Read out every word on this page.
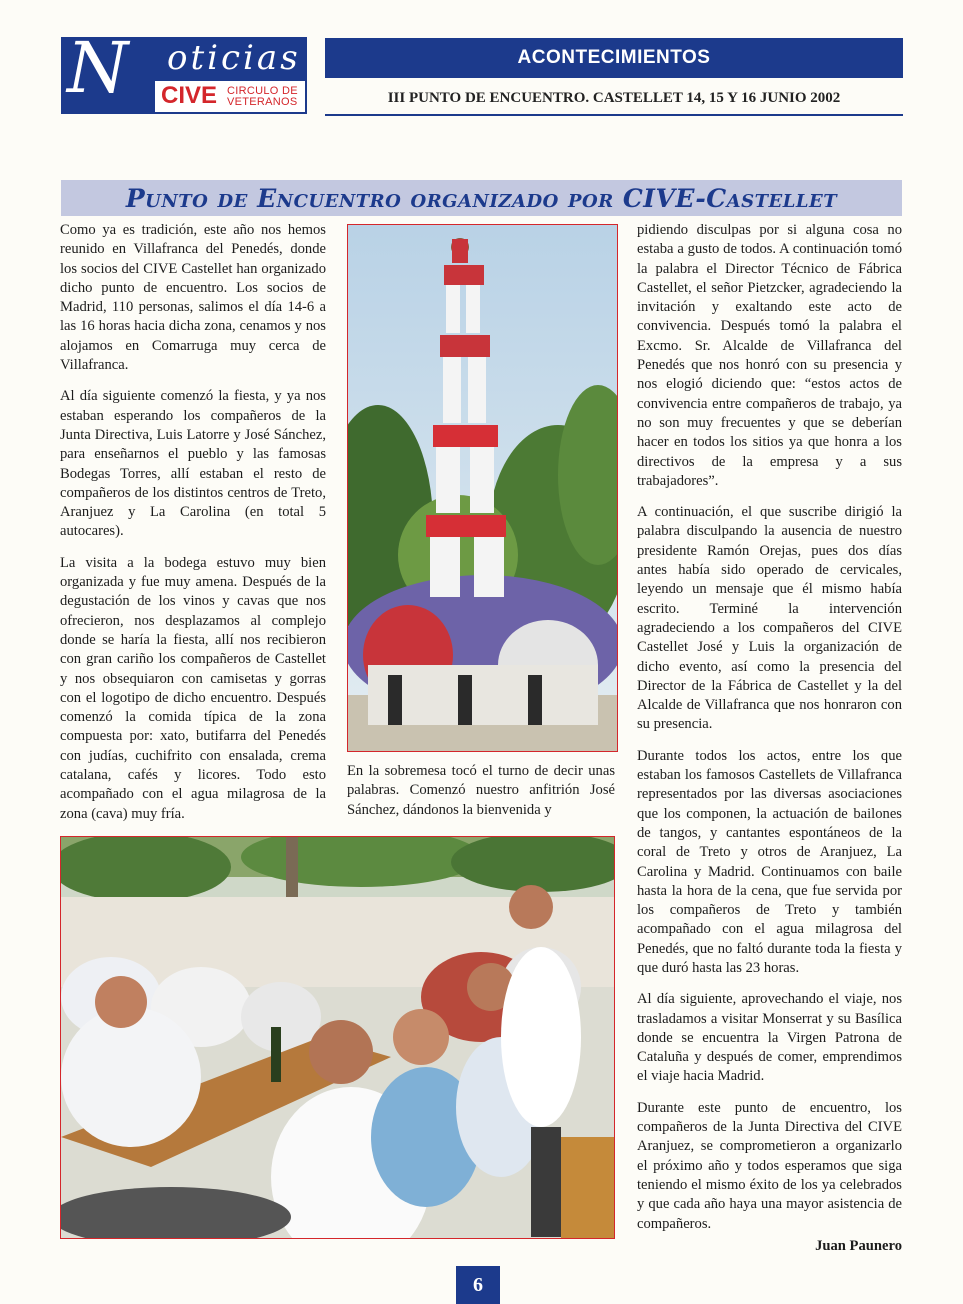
N oticias
CIVE CIRCULO DE
VETERANOS
ACONTECIMIENTOS
III PUNTO DE ENCUENTRO. CASTELLET 14, 15 Y 16 JUNIO 2002
Punto de Encuentro organizado por CIVE-Castellet

Como ya es tradición, este año nos hemos reunido en Villafranca del Penedés, donde los socios del CIVE Castellet han organizado dicho punto de encuentro. Los socios de Madrid, 110 personas, salimos el día 14-6 a las 16 horas hacia dicha zona, cenamos y nos alojamos en Comarruga muy cerca de Villafranca.

Al día siguiente comenzó la fiesta, y ya nos estaban esperando los compañeros de la Junta Directiva, Luis Latorre y José Sánchez, para enseñarnos el pueblo y las famosas Bodegas Torres, allí estaban el resto de compañeros de los distintos centros de Treto, Aranjuez y La Carolina (en total 5 autocares).

La visita a la bodega estuvo muy bien organizada y fue muy amena. Después de la degustación de los vinos y cavas que nos ofrecieron, nos desplazamos al complejo donde se haría la fiesta, allí nos recibieron con gran cariño los compañeros de Castellet y nos obsequiaron con camisetas y gorras con el logotipo de dicho encuentro. Después comenzó la comida típica de la zona compuesta por: xato, butifarra del Penedés con judías, cuchifrito con ensalada, crema catalana, cafés y licores. Todo esto acompañado con el agua milagrosa de la zona (cava) muy fría.

En la sobremesa tocó el turno de decir unas palabras. Comenzó nuestro anfitrión José Sánchez, dándonos la bienvenida y

pidiendo disculpas por si alguna cosa no estaba a gusto de todos. A continuación tomó la palabra el Director Técnico de Fábrica Castellet, el señor Pietzcker, agradeciendo la invitación y exaltando este acto de convivencia. Después tomó la palabra el Excmo. Sr. Alcalde de Villafranca del Penedés que nos honró con su presencia y nos elogió diciendo que: “estos actos de convivencia entre compañeros de trabajo, ya no son muy frecuentes y que se deberían hacer en todos los sitios ya que honra a los directivos de la empresa y a sus trabajadores”.

A continuación, el que suscribe dirigió la palabra disculpando la ausencia de nuestro presidente Ramón Orejas, pues dos días antes había sido operado de cervicales, leyendo un mensaje que él mismo había escrito. Terminé la intervención agradeciendo a los compañeros del CIVE Castellet José y Luis la organización de dicho evento, así como la presencia del Director de la Fábrica de Castellet y la del Alcalde de Villafranca que nos honraron con su presencia.

Durante todos los actos, entre los que estaban los famosos Castellets de Villafranca representados por las diversas asociaciones que los componen, la actuación de bailones de tangos, y cantantes espontáneos de la coral de Treto y otros de Aranjuez, La Carolina y Madrid. Continuamos con baile hasta la hora de la cena, que fue servida por los compañeros de Treto y también acompañado con el agua milagrosa del Penedés, que no faltó durante toda la fiesta y que duró hasta las 23 horas.

Al día siguiente, aprovechando el viaje, nos trasladamos a visitar Monserrat y su Basílica donde se encuentra la Virgen Patrona de Cataluña y después de comer, emprendimos el viaje hacia Madrid.

Durante este punto de encuentro, los compañeros de la Junta Directiva del CIVE Aranjuez, se comprometieron a organizarlo el próximo año y todos esperamos que siga teniendo el mismo éxito de los ya celebrados y que cada año haya una mayor asistencia de compañeros.

Juan Paunero
6
